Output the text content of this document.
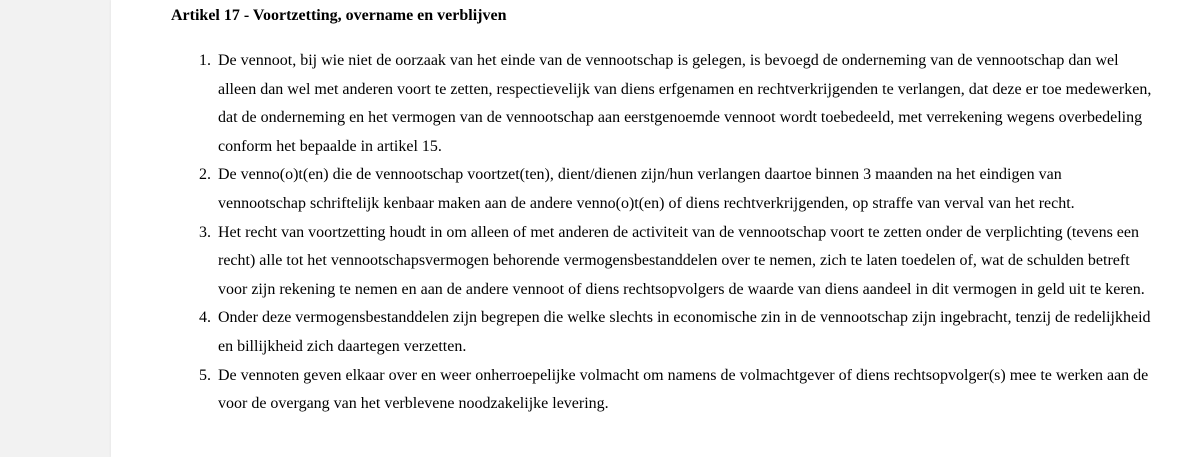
Artikel 17 - Voortzetting, overname en verblijven
1. De vennoot, bij wie niet de oorzaak van het einde van de vennootschap is gelegen, is bevoegd de onderneming van de vennootschap dan wel alleen dan wel met anderen voort te zetten, respectievelijk van diens erfgenamen en rechtverkrijgenden te verlangen, dat deze er toe medewerken, dat de onderneming en het vermogen van de vennootschap aan eerstgenoemde vennoot wordt toebedeeld, met verrekening wegens overbedeling conform het bepaalde in artikel 15.
2. De venno(o)t(en) die de vennootschap voortzet(ten), dient/dienen zijn/hun verlangen daartoe binnen 3 maanden na het eindigen van vennootschap schriftelijk kenbaar maken aan de andere venno(o)t(en) of diens rechtverkrijgenden, op straffe van verval van het recht.
3. Het recht van voortzetting houdt in om alleen of met anderen de activiteit van de vennootschap voort te zetten onder de verplichting (tevens een recht) alle tot het vennootschapsvermogen behorende vermogensbestanddelen over te nemen, zich te laten toedelen of, wat de schulden betreft voor zijn rekening te nemen en aan de andere vennoot of diens rechtsopvolgers de waarde van diens aandeel in dit vermogen in geld uit te keren.
4. Onder deze vermogensbestanddelen zijn begrepen die welke slechts in economische zin in de vennootschap zijn ingebracht, tenzij de redelijkheid en billijkheid zich daartegen verzetten.
5. De vennoten geven elkaar over en weer onherroepelijke volmacht om namens de volmachtgever of diens rechtsopvolger(s) mee te werken aan de voor de overgang van het verblevene noodzakelijke levering.
